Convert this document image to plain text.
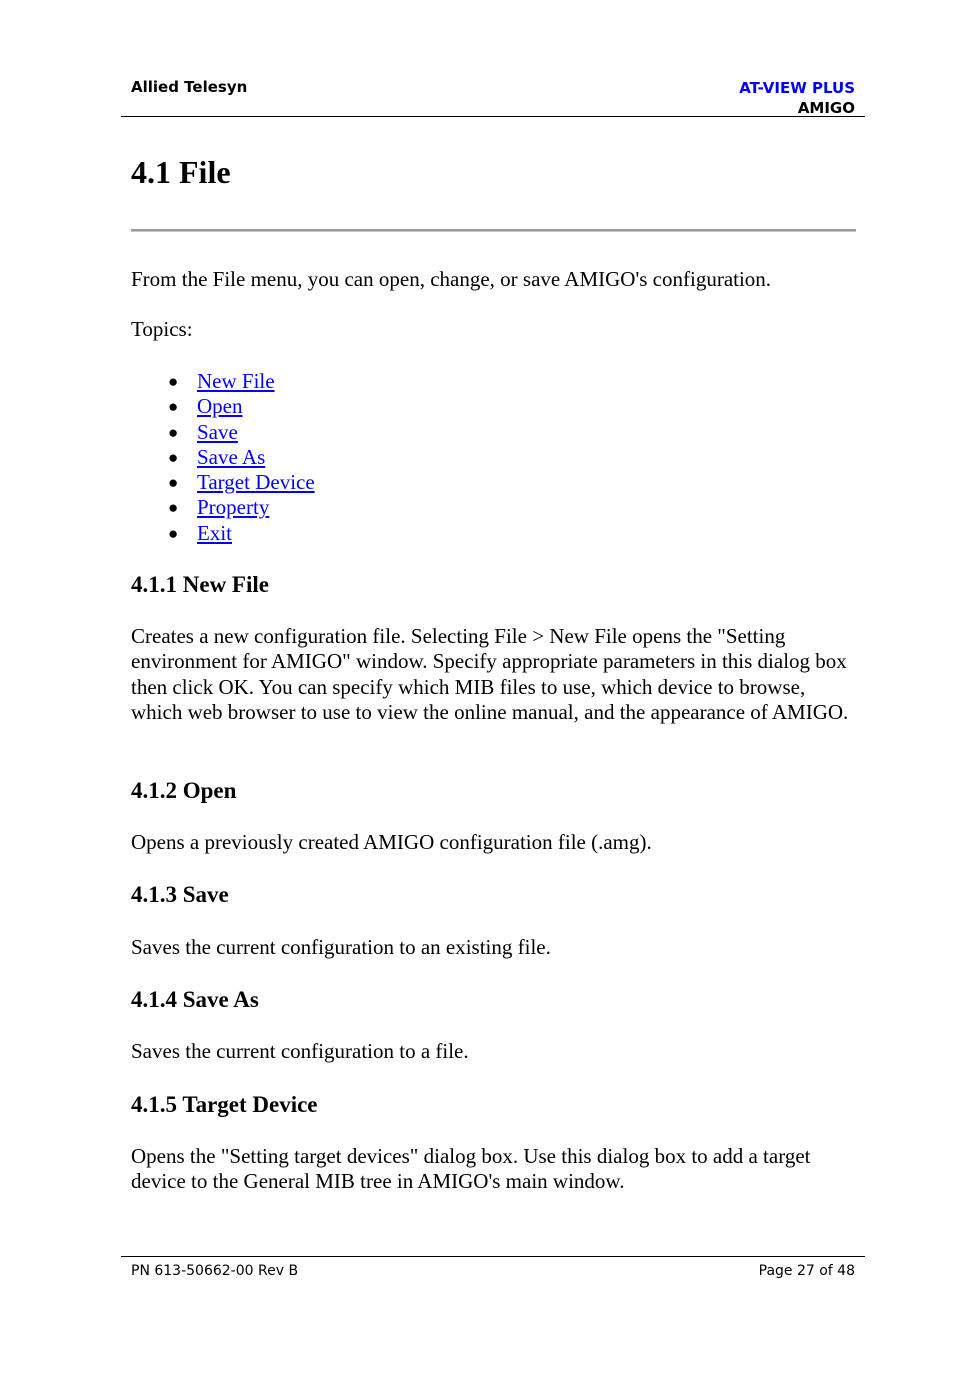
Allied Telesyn	AT-VIEW PLUS
AMIGO
4.1 File

From the File menu, you can open, change, or save AMIGO's configuration.

Topics:

● New File
● Open
● Save
● Save As
● Target Device
● Property
● Exit
4.1.1 New File

Creates a new configuration file. Selecting File > New File opens the "Setting environment for AMIGO" window. Specify appropriate parameters in this dialog box then click OK. You can specify which MIB files to use, which device to browse, which web browser to use to view the online manual, and the appearance of AMIGO.

4.1.2 Open

Opens a previously created AMIGO configuration file (.amg).

4.1.3 Save

Saves the current configuration to an existing file.

4.1.4 Save As

Saves the current configuration to a file.

4.1.5 Target Device

Opens the "Setting target devices" dialog box. Use this dialog box to add a target device to the General MIB tree in AMIGO's main window.

PN 613-50662-00 Rev B	Page 27 of 48
